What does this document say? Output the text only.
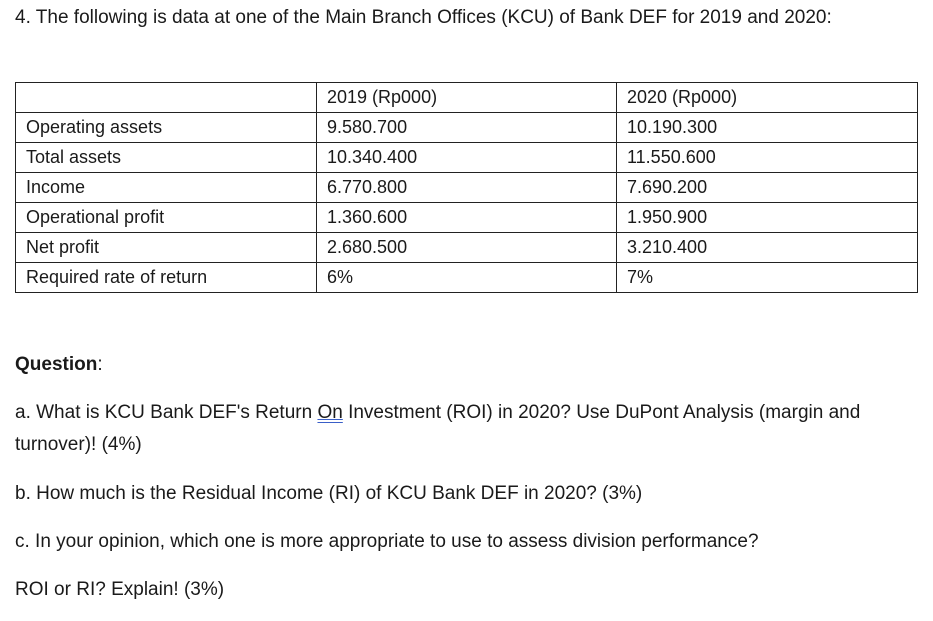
4. The following is data at one of the Main Branch Offices (KCU) of Bank DEF for 2019 and 2020:

	2019 (Rp000)	2020 (Rp000)
Operating assets	9.580.700	10.190.300
Total assets	10.340.400	11.550.600
Income	6.770.800	7.690.200
Operational profit	1.360.600	1.950.900
Net profit	2.680.500	3.210.400
Required rate of return	6%	7%

Question:

a. What is KCU Bank DEF's Return On Investment (ROI) in 2020? Use DuPont Analysis (margin and turnover)! (4%)

b. How much is the Residual Income (RI) of KCU Bank DEF in 2020? (3%)

c. In your opinion, which one is more appropriate to use to assess division performance?

ROI or RI? Explain! (3%)
